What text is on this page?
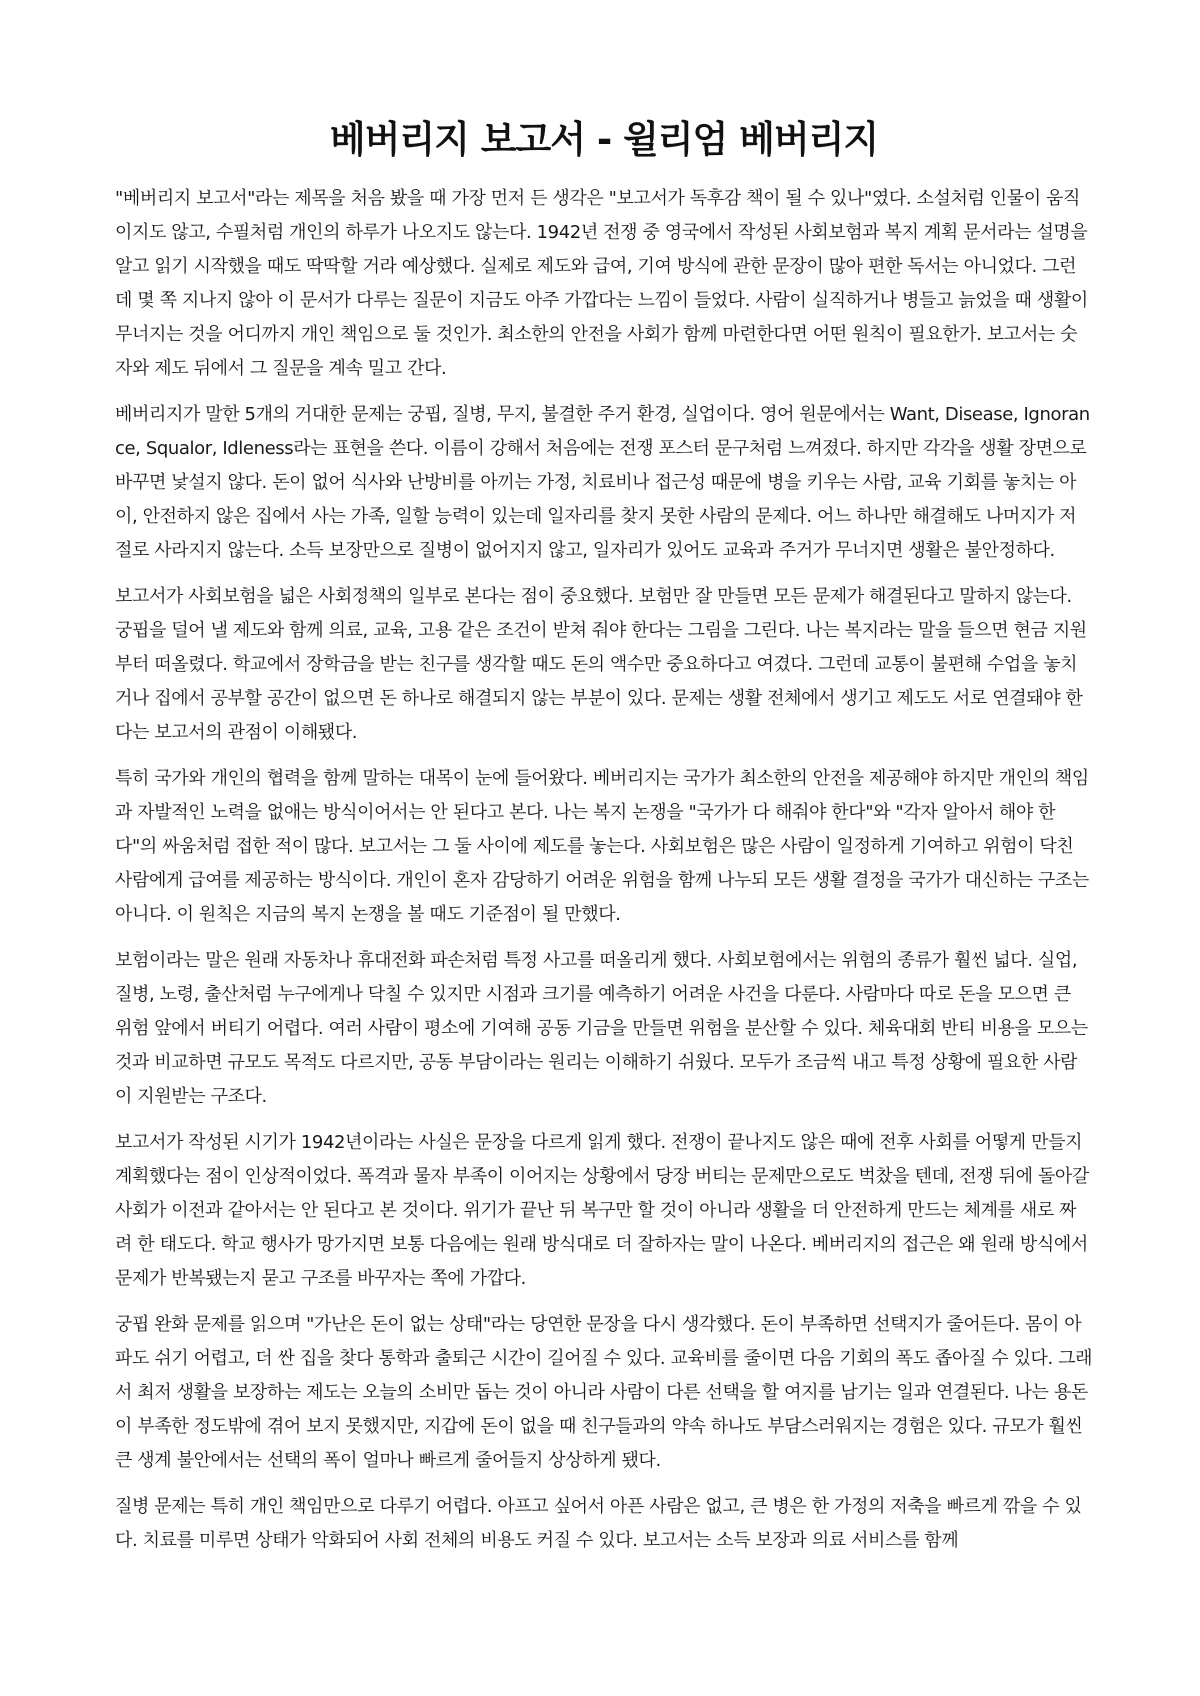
베버리지 보고서 - 윌리엄 베버리지

"베버리지 보고서"라는 제목을 처음 봤을 때 가장 먼저 든 생각은 "보고서가 독후감 책이 될 수 있나"였다. 소설처럼 인물이 움직이지도 않고, 수필처럼 개인의 하루가 나오지도 않는다. 1942년 전쟁 중 영국에서 작성된 사회보험과 복지 계획 문서라는 설명을 알고 읽기 시작했을 때도 딱딱할 거라 예상했다. 실제로 제도와 급여, 기여 방식에 관한 문장이 많아 편한 독서는 아니었다. 그런데 몇 쪽 지나지 않아 이 문서가 다루는 질문이 지금도 아주 가깝다는 느낌이 들었다. 사람이 실직하거나 병들고 늙었을 때 생활이 무너지는 것을 어디까지 개인 책임으로 둘 것인가. 최소한의 안전을 사회가 함께 마련한다면 어떤 원칙이 필요한가. 보고서는 숫자와 제도 뒤에서 그 질문을 계속 밀고 간다.

베버리지가 말한 5개의 거대한 문제는 궁핍, 질병, 무지, 불결한 주거 환경, 실업이다. 영어 원문에서는 Want, Disease, Ignorance, Squalor, Idleness라는 표현을 쓴다. 이름이 강해서 처음에는 전쟁 포스터 문구처럼 느껴졌다. 하지만 각각을 생활 장면으로 바꾸면 낯설지 않다. 돈이 없어 식사와 난방비를 아끼는 가정, 치료비나 접근성 때문에 병을 키우는 사람, 교육 기회를 놓치는 아이, 안전하지 않은 집에서 사는 가족, 일할 능력이 있는데 일자리를 찾지 못한 사람의 문제다. 어느 하나만 해결해도 나머지가 저절로 사라지지 않는다. 소득 보장만으로 질병이 없어지지 않고, 일자리가 있어도 교육과 주거가 무너지면 생활은 불안정하다.

보고서가 사회보험을 넓은 사회정책의 일부로 본다는 점이 중요했다. 보험만 잘 만들면 모든 문제가 해결된다고 말하지 않는다. 궁핍을 덜어 낼 제도와 함께 의료, 교육, 고용 같은 조건이 받쳐 줘야 한다는 그림을 그린다. 나는 복지라는 말을 들으면 현금 지원부터 떠올렸다. 학교에서 장학금을 받는 친구를 생각할 때도 돈의 액수만 중요하다고 여겼다. 그런데 교통이 불편해 수업을 놓치거나 집에서 공부할 공간이 없으면 돈 하나로 해결되지 않는 부분이 있다. 문제는 생활 전체에서 생기고 제도도 서로 연결돼야 한다는 보고서의 관점이 이해됐다.

특히 국가와 개인의 협력을 함께 말하는 대목이 눈에 들어왔다. 베버리지는 국가가 최소한의 안전을 제공해야 하지만 개인의 책임과 자발적인 노력을 없애는 방식이어서는 안 된다고 본다. 나는 복지 논쟁을 "국가가 다 해줘야 한다"와 "각자 알아서 해야 한다"의 싸움처럼 접한 적이 많다. 보고서는 그 둘 사이에 제도를 놓는다. 사회보험은 많은 사람이 일정하게 기여하고 위험이 닥친 사람에게 급여를 제공하는 방식이다. 개인이 혼자 감당하기 어려운 위험을 함께 나누되 모든 생활 결정을 국가가 대신하는 구조는 아니다. 이 원칙은 지금의 복지 논쟁을 볼 때도 기준점이 될 만했다.

보험이라는 말은 원래 자동차나 휴대전화 파손처럼 특정 사고를 떠올리게 했다. 사회보험에서는 위험의 종류가 훨씬 넓다. 실업, 질병, 노령, 출산처럼 누구에게나 닥칠 수 있지만 시점과 크기를 예측하기 어려운 사건을 다룬다. 사람마다 따로 돈을 모으면 큰 위험 앞에서 버티기 어렵다. 여러 사람이 평소에 기여해 공동 기금을 만들면 위험을 분산할 수 있다. 체육대회 반티 비용을 모으는 것과 비교하면 규모도 목적도 다르지만, 공동 부담이라는 원리는 이해하기 쉬웠다. 모두가 조금씩 내고 특정 상황에 필요한 사람이 지원받는 구조다.

보고서가 작성된 시기가 1942년이라는 사실은 문장을 다르게 읽게 했다. 전쟁이 끝나지도 않은 때에 전후 사회를 어떻게 만들지 계획했다는 점이 인상적이었다. 폭격과 물자 부족이 이어지는 상황에서 당장 버티는 문제만으로도 벅찼을 텐데, 전쟁 뒤에 돌아갈 사회가 이전과 같아서는 안 된다고 본 것이다. 위기가 끝난 뒤 복구만 할 것이 아니라 생활을 더 안전하게 만드는 체계를 새로 짜려 한 태도다. 학교 행사가 망가지면 보통 다음에는 원래 방식대로 더 잘하자는 말이 나온다. 베버리지의 접근은 왜 원래 방식에서 문제가 반복됐는지 묻고 구조를 바꾸자는 쪽에 가깝다.

궁핍 완화 문제를 읽으며 "가난은 돈이 없는 상태"라는 당연한 문장을 다시 생각했다. 돈이 부족하면 선택지가 줄어든다. 몸이 아파도 쉬기 어렵고, 더 싼 집을 찾다 통학과 출퇴근 시간이 길어질 수 있다. 교육비를 줄이면 다음 기회의 폭도 좁아질 수 있다. 그래서 최저 생활을 보장하는 제도는 오늘의 소비만 돕는 것이 아니라 사람이 다른 선택을 할 여지를 남기는 일과 연결된다. 나는 용돈이 부족한 정도밖에 겪어 보지 못했지만, 지갑에 돈이 없을 때 친구들과의 약속 하나도 부담스러워지는 경험은 있다. 규모가 훨씬 큰 생계 불안에서는 선택의 폭이 얼마나 빠르게 줄어들지 상상하게 됐다.

질병 문제는 특히 개인 책임만으로 다루기 어렵다. 아프고 싶어서 아픈 사람은 없고, 큰 병은 한 가정의 저축을 빠르게 깎을 수 있다. 치료를 미루면 상태가 악화되어 사회 전체의 비용도 커질 수 있다. 보고서는 소득 보장과 의료 서비스를 함께
